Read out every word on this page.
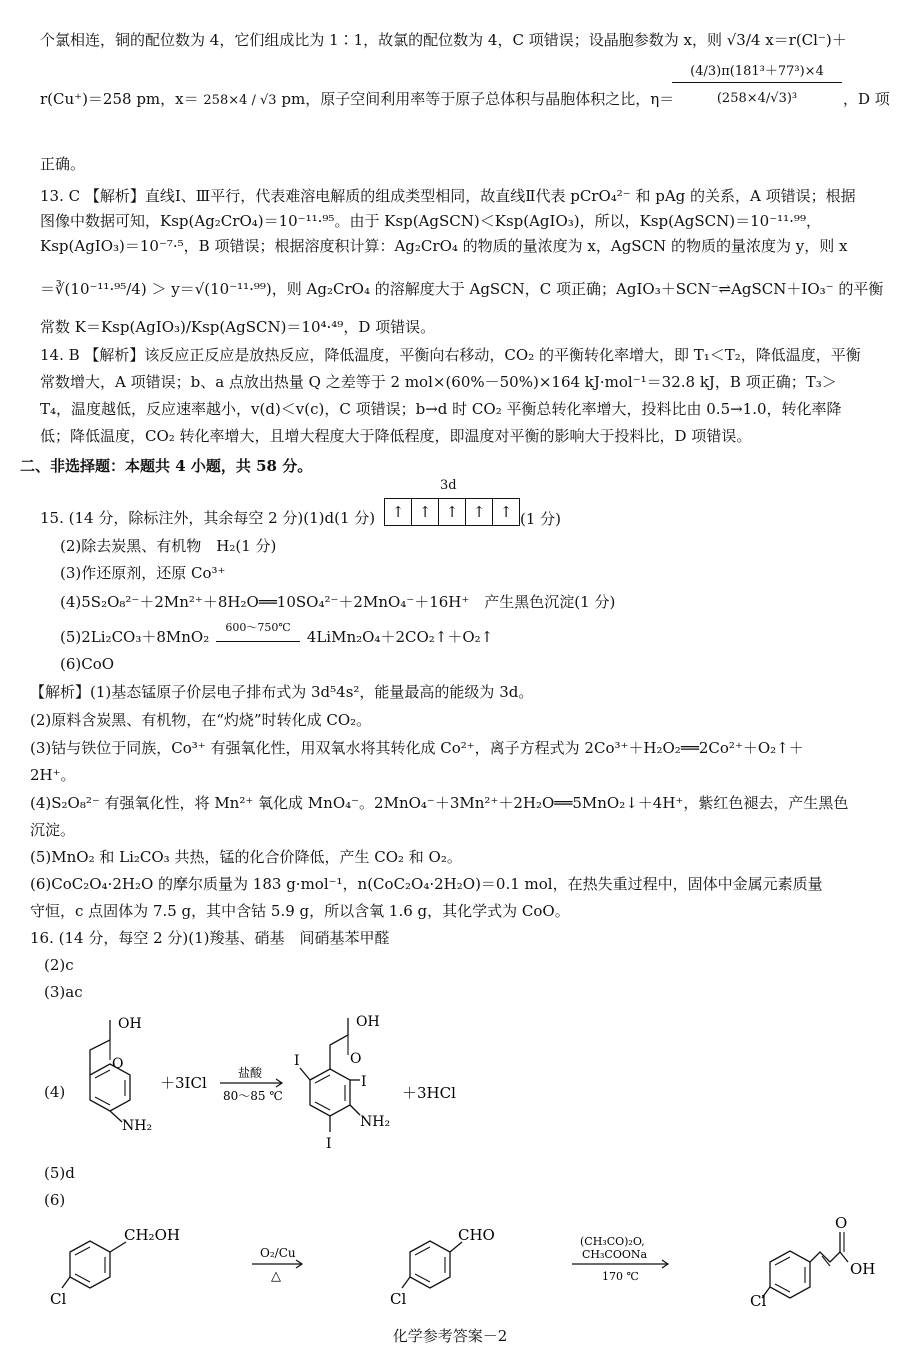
个氯相连，铜的配位数为 4，它们组成比为 1∶1，故氯的配位数为 4，C 项错误；设晶胞参数为 x，则 √3/4 x＝r(Cl⁻)＋
r(Cu⁺)＝258 pm，x＝ 258×4 / √3 pm，原子空间利用率等于原子总体积与晶胞体积之比，η＝
$\frac{\text{(4/3)π(181³＋77³)×4}}{\text{(258×4/√3)³}}$ ，D 项
正确。
13. C 【解析】直线Ⅰ、Ⅲ平行，代表难溶电解质的组成类型相同，故直线Ⅱ代表 pCrO₄²⁻ 和 pAg 的关系，A 项错误；根据
图像中数据可知，Ksp(Ag₂CrO₄)＝10⁻¹¹·⁹⁵。由于 Ksp(AgSCN)＜Ksp(AgIO₃)，所以，Ksp(AgSCN)＝10⁻¹¹·⁹⁹，
Ksp(AgIO₃)＝10⁻⁷·⁵，B 项错误；根据溶度积计算：Ag₂CrO₄ 的物质的量浓度为 x，AgSCN 的物质的量浓度为 y，则 x
＝∛(10⁻¹¹·⁹⁵/4) ＞ y＝√(10⁻¹¹·⁹⁹)，则 Ag₂CrO₄ 的溶解度大于 AgSCN，C 项正确；AgIO₃＋SCN⁻⇌AgSCN＋IO₃⁻ 的平衡
常数 K＝Ksp(AgIO₃)/Ksp(AgSCN)＝10⁴·⁴⁹，D 项错误。
14. B 【解析】该反应正反应是放热反应，降低温度，平衡向右移动，CO₂ 的平衡转化率增大，即 T₁＜T₂，降低温度，平衡
常数增大，A 项错误；b、a 点放出热量 Q 之差等于 2 mol×(60%－50%)×164 kJ·mol⁻¹＝32.8 kJ，B 项正确；T₃＞
T₄，温度越低，反应速率越小，v(d)＜v(c)，C 项错误；b→d 时 CO₂ 平衡总转化率增大，投料比由 0.5→1.0，转化率降
低；降低温度，CO₂ 转化率增大，且增大程度大于降低程度，即温度对平衡的影响大于投料比，D 项错误。
二、非选择题：本题共 4 小题，共 58 分。
15. (14 分，除标注外，其余每空 2 分)(1)d(1 分)
3d
↑ ↑ ↑ ↑ ↑ (1 分)
(2)除去炭黑、有机物　H₂(1 分)
(3)作还原剂，还原 Co³⁺
(4)5S₂O₈²⁻＋2Mn²⁺＋8H₂O══10SO₄²⁻＋2MnO₄⁻＋16H⁺　产生黑色沉淀(1 分)
(5)2Li₂CO₃＋8MnO₂
600～750℃
4LiMn₂O₄＋2CO₂↑＋O₂↑
(6)CoO
【解析】(1)基态锰原子价层电子排布式为 3d⁵4s²，能量最高的能级为 3d。
(2)原料含炭黑、有机物，在“灼烧”时转化成 CO₂。
(3)钴与铁位于同族，Co³⁺ 有强氧化性，用双氧水将其转化成 Co²⁺，离子方程式为 2Co³⁺＋H₂O₂══2Co²⁺＋O₂↑＋
2H⁺。
(4)S₂O₈²⁻ 有强氧化性，将 Mn²⁺ 氧化成 MnO₄⁻。2MnO₄⁻＋3Mn²⁺＋2H₂O══5MnO₂↓＋4H⁺，紫红色褪去，产生黑色
沉淀。
(5)MnO₂ 和 Li₂CO₃ 共热，锰的化合价降低，产生 CO₂ 和 O₂。
(6)CoC₂O₄·2H₂O 的摩尔质量为 183 g·mol⁻¹，n(CoC₂O₄·2H₂O)＝0.1 mol，在热失重过程中，固体中金属元素质量
守恒，c 点固体为 7.5 g，其中含钴 5.9 g，所以含氧 1.6 g，其化学式为 CoO。
16. (14 分，每空 2 分)(1)羧基、硝基　间硝基苯甲醛
(2)c
(3)ac
(4)
OH
O
NH₂
＋3ICl
盐酸
80～85 ℃
OH
O
I
I
I
NH₂
＋3HCl
(5)d
(6)
CH₂OH
Cl
O₂/Cu
△
CHO
Cl
(CH₃CO)₂O,
CH₃COONa
170 ℃
O
OH
Cl
化学参考答案－2
